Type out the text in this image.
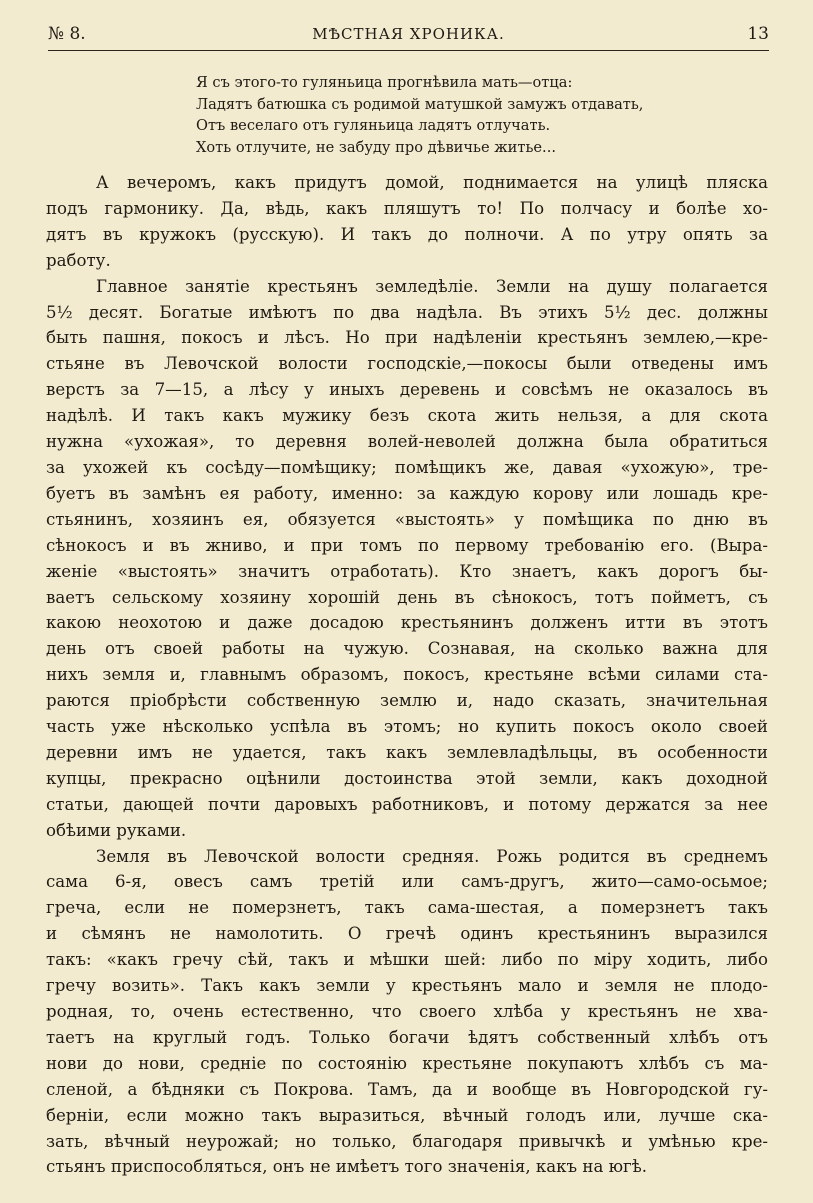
№ 8.	МѢСТНАЯ ХРОНИКА.	13
Я съ этого-то гуляньица прогнѣвила мать—отца:
Ладятъ батюшка съ родимой матушкой замужъ отдавать,
Отъ веселаго отъ гуляньица ладятъ отлучать.
Хоть отлучите, не забуду про дѣвичье житье...
А вечеромъ, какъ придутъ домой, поднимается на улицѣ пляска
подъ гармонику. Да, вѣдь, какъ пляшутъ то! По полчасу и болѣе хо-
дятъ въ кружокъ (русскую). И такъ до полночи. А по утру опять за
работу.
Главное занятіе крестьянъ земледѣліе. Земли на душу полагается
5½ десят. Богатые имѣютъ по два надѣла. Въ этихъ 5½ дес. должны
быть пашня, покосъ и лѣсъ. Но при надѣленіи крестьянъ землею,—кре-
стьяне въ Левочской волости господскіе,—покосы были отведены имъ
верстъ за 7—15, а лѣсу у иныхъ деревень и совсѣмъ не оказалось въ
надѣлѣ. И такъ какъ мужику безъ скота жить нельзя, а для скота
нужна «ухожая», то деревня волей-неволей должна была обратиться
за ухожей къ сосѣду—помѣщику; помѣщикъ же, давая «ухожую», тре-
буетъ въ замѣнъ ея работу, именно: за каждую корову или лошадь кре-
стьянинъ, хозяинъ ея, обязуется «выстоять» у помѣщика по дню въ
сѣнокосъ и въ жниво, и при томъ по первому требованію его. (Выра-
женіе «выстоять» значитъ отработать). Кто знаетъ, какъ дорогъ бы-
ваетъ сельскому хозяину хорошій день въ сѣнокосъ, тотъ пойметъ, съ
какою неохотою и даже досадою крестьянинъ долженъ итти въ этотъ
день отъ своей работы на чужую. Сознавая, на сколько важна для
нихъ земля и, главнымъ образомъ, покосъ, крестьяне всѣми силами ста-
раются пріобрѣсти собственную землю и, надо сказать, значительная
часть уже нѣсколько успѣла въ этомъ; но купить покосъ около своей
деревни имъ не удается, такъ какъ землевладѣльцы, въ особенности
купцы, прекрасно оцѣнили достоинства этой земли, какъ доходной
статьи, дающей почти даровыхъ работниковъ, и потому держатся за нее
обѣими руками.
Земля въ Левочской волости средняя. Рожь родится въ среднемъ
сама 6-я, овесъ самъ третій или самъ-другъ, жито—само-осьмое;
греча, если не померзнетъ, такъ сама-шестая, а померзнетъ такъ
и сѣмянъ не намолотить. О гречѣ одинъ крестьянинъ выразился
такъ: «какъ гречу сѣй, такъ и мѣшки шей: либо по міру ходить, либо
гречу возить». Такъ какъ земли у крестьянъ мало и земля не плодо-
родная, то, очень естественно, что своего хлѣба у крестьянъ не хва-
таетъ на круглый годъ. Только богачи ѣдятъ собственный хлѣбъ отъ
нови до нови, средніе по состоянію крестьяне покупаютъ хлѣбъ съ ма-
сленой, а бѣдняки съ Покрова. Тамъ, да и вообще въ Новгородской гу-
берніи, если можно такъ выразиться, вѣчный голодъ или, лучше ска-
зать, вѣчный неурожай; но только, благодаря привычкѣ и умѣнью кре-
стьянъ приспособляться, онъ не имѣетъ того значенія, какъ на югѣ.
